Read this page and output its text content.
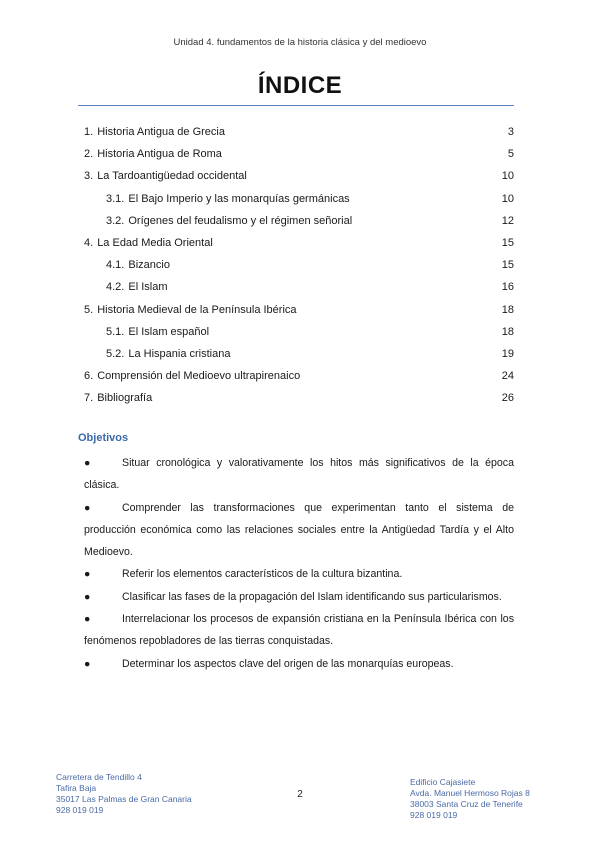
Unidad 4. fundamentos de la historia clásica y del medioevo
ÍNDICE
1. Historia Antigua de Grecia	3
2. Historia Antigua de Roma	5
3. La Tardoantigüedad occidental	10
3.1. El Bajo Imperio y las monarquías germánicas	10
3.2. Orígenes del feudalismo y el régimen señorial	12
4. La Edad Media Oriental	15
4.1. Bizancio	15
4.2. El Islam	16
5. Historia Medieval de la Península Ibérica	18
5.1. El Islam español	18
5.2. La Hispania cristiana	19
6. Comprensión del Medioevo ultrapirenaico	24
7. Bibliografía	26
Objetivos
●	Situar cronológica y valorativamente los hitos más significativos de la época clásica.
●	Comprender las transformaciones que experimentan tanto el sistema de producción económica como las relaciones sociales entre la Antigüedad Tardía y el Alto Medioevo.
●	Referir los elementos característicos de la cultura bizantina.
●	Clasificar las fases de la propagación del Islam identificando sus particularismos.
●	Interrelacionar los procesos de expansión cristiana en la Península Ibérica con los fenómenos repobladores de las tierras conquistadas.
●	Determinar los aspectos clave del origen de las monarquías europeas.
2
Carretera de Tendillo 4
Tafira Baja
35017 Las Palmas de Gran Canaria
928 019 019
Edificio Cajasiete
Avda. Manuel Hermoso Rojas 8
38003 Santa Cruz de Tenerife
928 019 019
